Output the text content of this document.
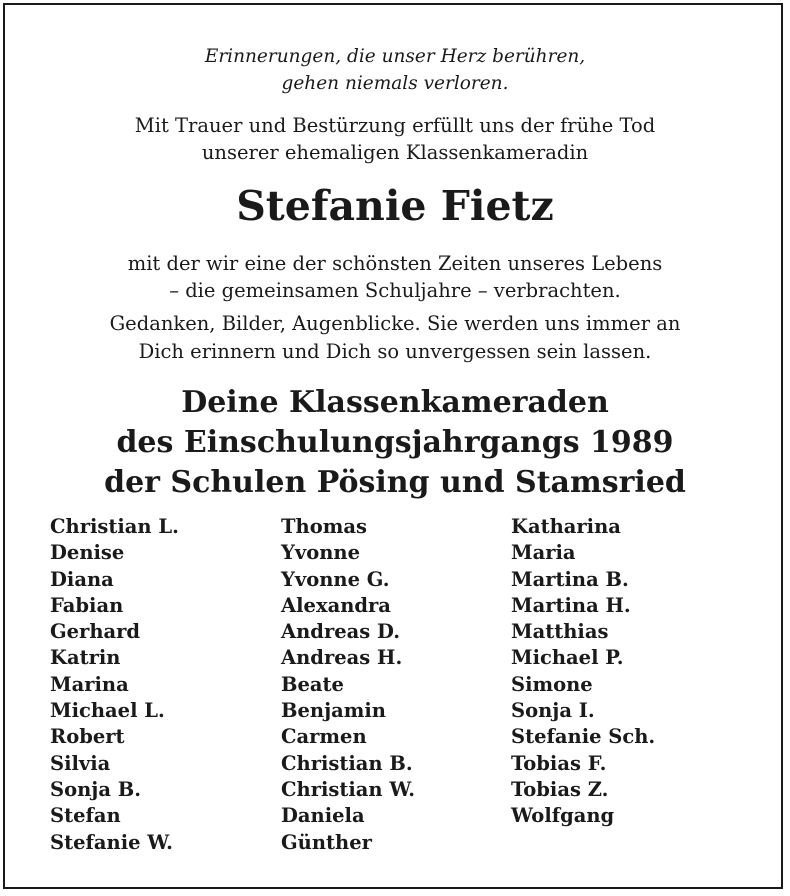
Erinnerungen, die unser Herz berühren,
gehen niemals verloren.
Mit Trauer und Bestürzung erfüllt uns der frühe Tod
unserer ehemaligen Klassenkameradin
Stefanie Fietz
mit der wir eine der schönsten Zeiten unseres Lebens
– die gemeinsamen Schuljahre – verbrachten.
Gedanken, Bilder, Augenblicke. Sie werden uns immer an
Dich erinnern und Dich so unvergessen sein lassen.
Deine Klassenkameraden
des Einschulungsjahrgangs 1989
der Schulen Pösing und Stamsried
Christian L.
Denise
Diana
Fabian
Gerhard
Katrin
Marina
Michael L.
Robert
Silvia
Sonja B.
Stefan
Stefanie W.
Thomas
Yvonne
Yvonne G.
Alexandra
Andreas D.
Andreas H.
Beate
Benjamin
Carmen
Christian B.
Christian W.
Daniela
Günther
Katharina
Maria
Martina B.
Martina H.
Matthias
Michael P.
Simone
Sonja I.
Stefanie Sch.
Tobias F.
Tobias Z.
Wolfgang
